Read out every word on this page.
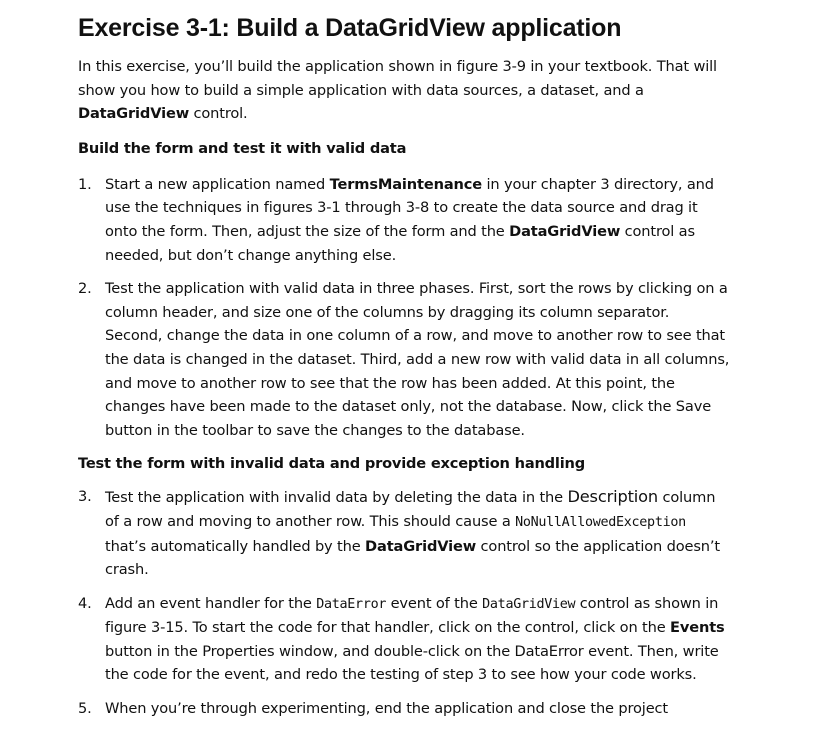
Exercise 3-1: Build a DataGridView application

In this exercise, you’ll build the application shown in figure 3-9 in your textbook. That will show you how to build a simple application with data sources, a dataset, and a DataGridView control.

Build the form and test it with valid data
1. Start a new application named TermsMaintenance in your chapter 3 directory, and use the techniques in figures 3-1 through 3-8 to create the data source and drag it onto the form. Then, adjust the size of the form and the DataGridView control as needed, but don’t change anything else.
2. Test the application with valid data in three phases. First, sort the rows by clicking on a column header, and size one of the columns by dragging its column separator. Second, change the data in one column of a row, and move to another row to see that the data is changed in the dataset. Third, add a new row with valid data in all columns, and move to another row to see that the row has been added. At this point, the changes have been made to the dataset only, not the database. Now, click the Save button in the toolbar to save the changes to the database.
Test the form with invalid data and provide exception handling
3. Test the application with invalid data by deleting the data in the Description column of a row and moving to another row. This should cause a NoNullAllowedException that’s automatically handled by the DataGridView control so the application doesn’t crash.
4. Add an event handler for the DataError event of the DataGridView control as shown in figure 3-15. To start the code for that handler, click on the control, click on the Events button in the Properties window, and double-click on the DataError event. Then, write the code for the event, and redo the testing of step 3 to see how your code works.
5. When you’re through experimenting, end the application and close the project
